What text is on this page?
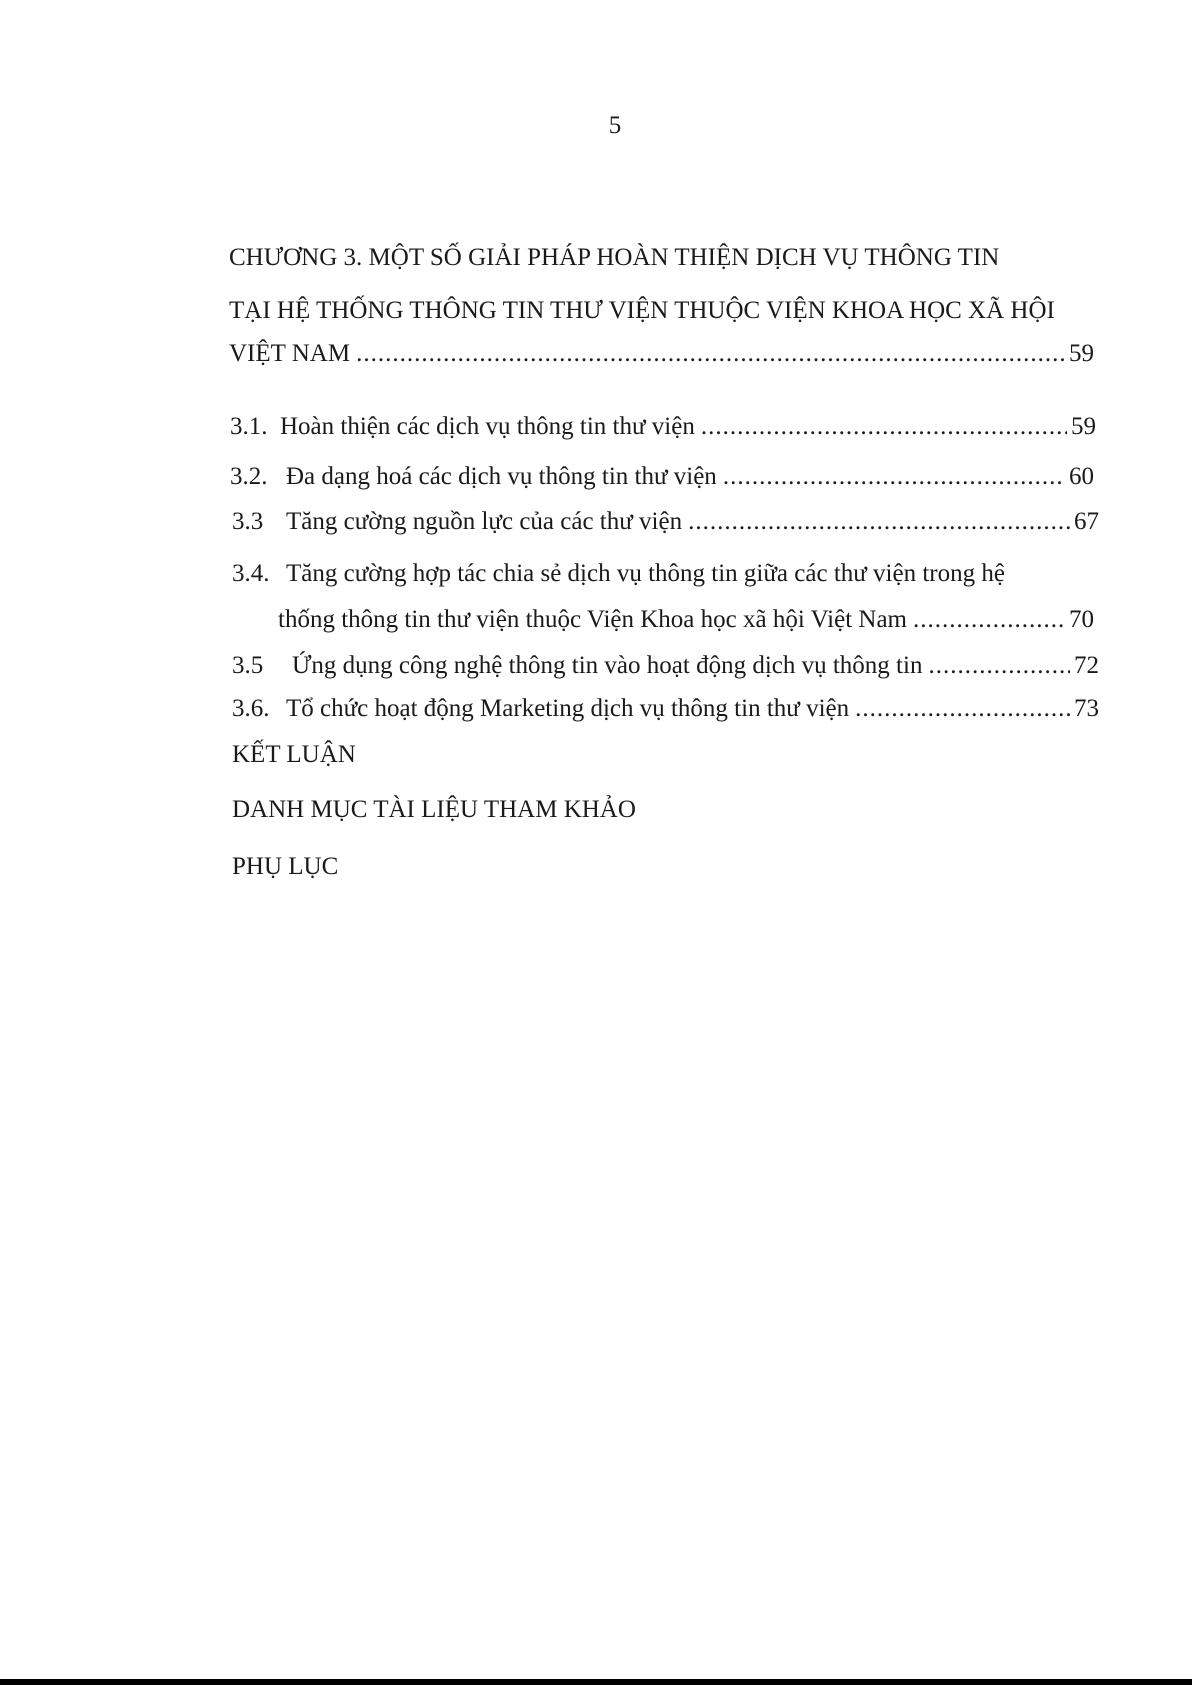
5
CHƯƠNG 3. MỘT SỐ GIẢI PHÁP HOÀN THIỆN DỊCH VỤ THÔNG TIN
TẠI HỆ THỐNG THÔNG TIN THƯ VIỆN THUỘC VIỆN KHOA HỌC XÃ HỘI
VIỆT NAM .....	59
3.1. Hoàn thiện các dịch vụ thông tin thư viện .....	59
3.2. Đa dạng hoá các dịch vụ thông tin thư viện .....	60
3.3 Tăng cường nguồn lực của các thư viện .....	67
3.4. Tăng cường hợp tác chia sẻ dịch vụ thông tin giữa các thư viện trong hệ
thống thông tin thư viện thuộc Viện Khoa học xã hội Việt Nam .....	70
3.5	Ứng dụng công nghệ thông tin vào hoạt động dịch vụ thông tin .....	72
3.6. Tổ chức hoạt động Marketing dịch vụ thông tin thư viện .....	73
KẾT LUẬN
DANH MỤC TÀI LIỆU THAM KHẢO
PHỤ LỤC
